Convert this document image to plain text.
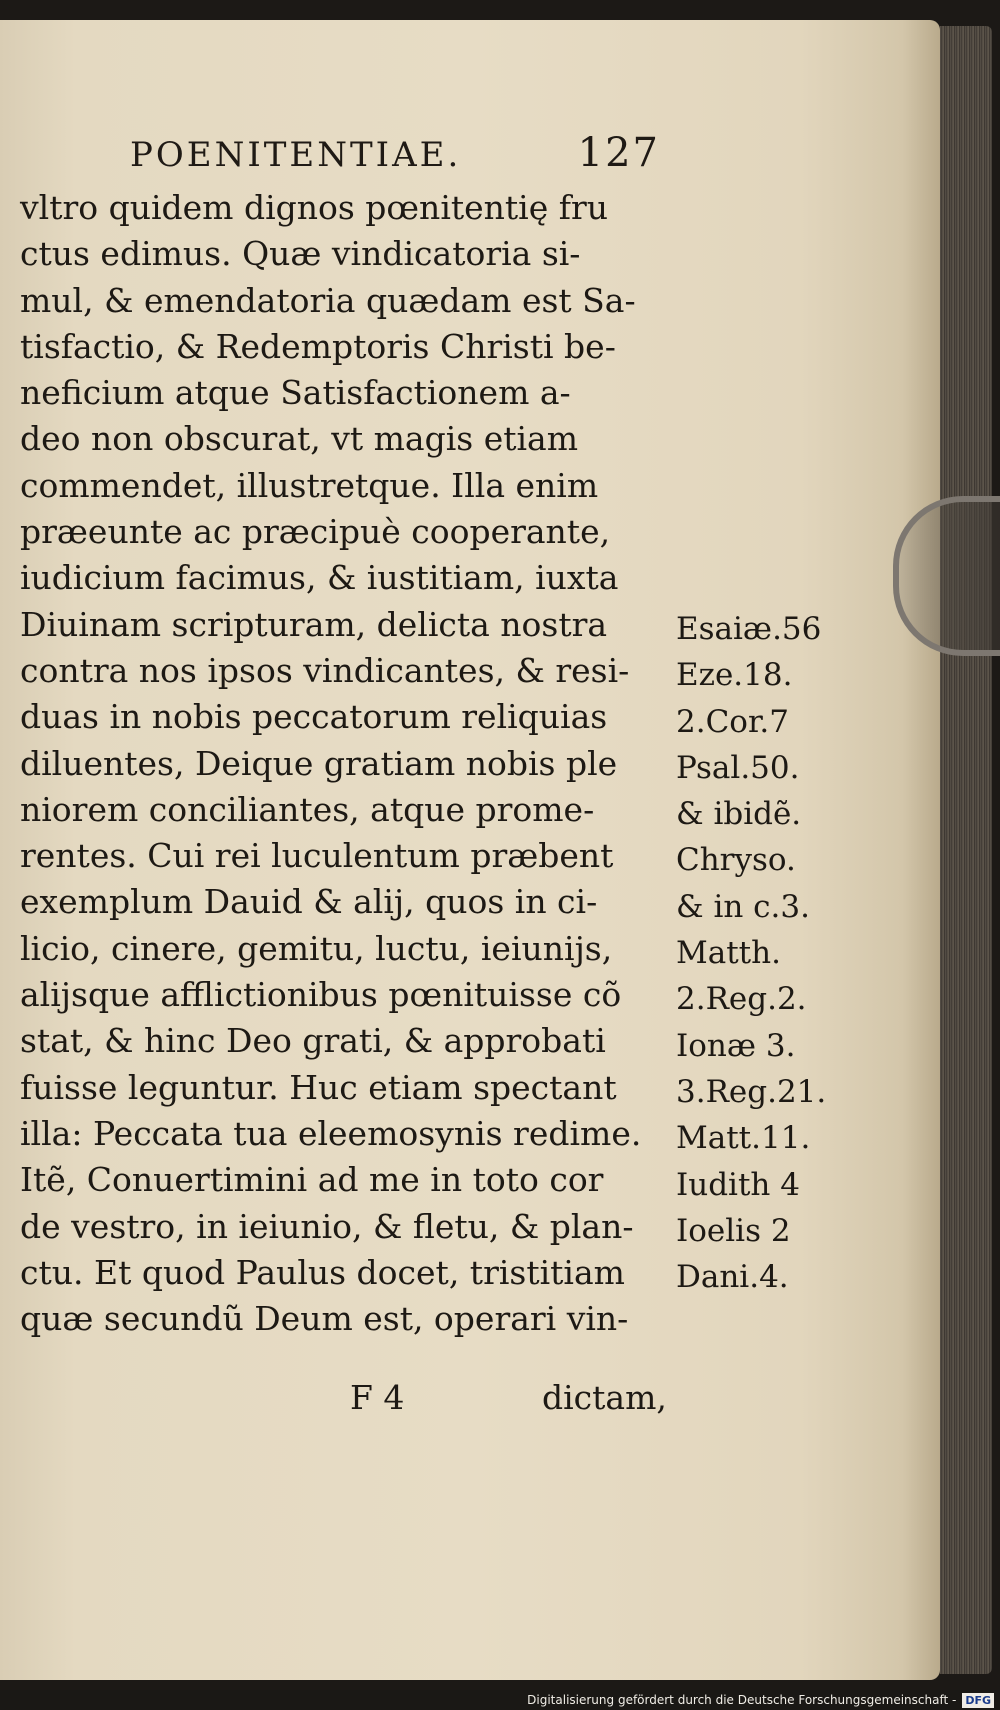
POENITENTIAE.	127
vltro quidem dignos pœnitentię fru
ctus edimus. Quæ vindicatoria si-
mul, & emendatoria quædam est Sa-
tisfactio, & Redemptoris Christi be-
neficium atque Satisfactionem a-
deo non obscurat, vt magis etiam
commendet, illustretque. Illa enim
præeunte ac præcipuè cooperante,
iudicium facimus, & iustitiam, iuxta
Diuinam scripturam, delicta nostra
contra nos ipsos vindicantes, & resi-
duas in nobis peccatorum reliquias
diluentes, Deique gratiam nobis ple
niorem conciliantes, atque prome-
rentes. Cui rei luculentum præbent
exemplum Dauid & alij, quos in ci-
licio, cinere, gemitu, luctu, ieiunijs,
alijsque afflictionibus pœnituisse cõ
stat, & hinc Deo grati, & approbati
fuisse leguntur. Huc etiam spectant
illa: Peccata tua eleemosynis redime.
Itẽ, Conuertimini ad me in toto cor
de vestro, in ieiunio, & fletu, & plan-
ctu. Et quod Paulus docet, tristitiam
quæ secundũ Deum est, operari vin-
Esaiæ.56
Eze.18.
2.Cor.7
Psal.50.
& ibidẽ.
Chryso.
& in c.3.
Matth.
2.Reg.2.
Ionæ 3.
3.Reg.21.
Matt.11.
Iudith 4
Ioelis 2
Dani.4.
F 4	dictam,
Digitalisierung gefördert durch die Deutsche Forschungsgemeinschaft - DFG
